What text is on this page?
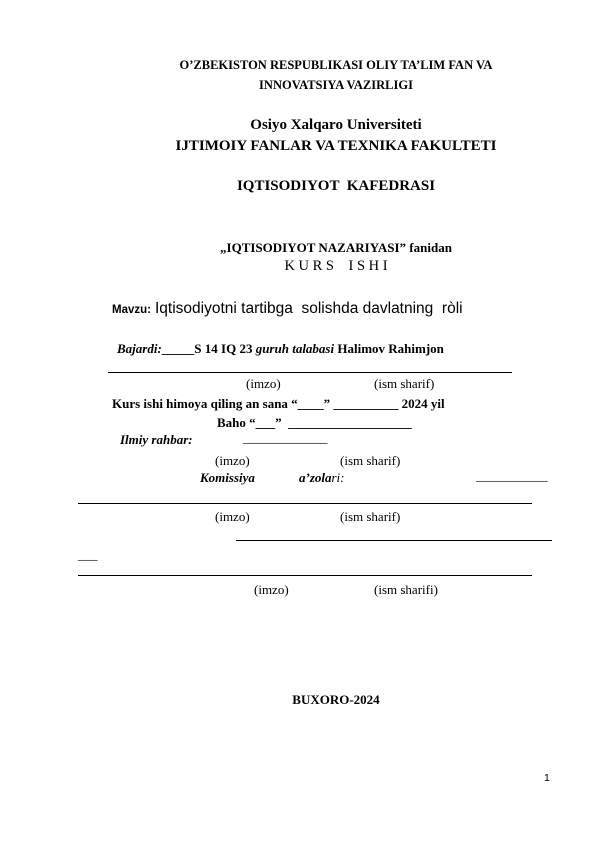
O’ZBEKISTON RESPUBLIKASI OLIY TA’LIM FAN VA
INNOVATSIYA VAZIRLIGI
Osiyo Xalqaro Universiteti
IJTIMOIY FANLAR VA TEXNIKA FAKULTETI
IQTISODIYOT  KAFEDRASI
„IQTISODIYOT NAZARIYASI” fanidan
K U R S    I S H I
Mavzu: Iqtisodiyotni tartibga  solishda davlatning  ròli
Bajardi:_____S 14 IQ 23 guruh talabasi Halimov Rahimjon
(imzo)	(ism sharif)
Kurs ishi himoya qiling an sana “____” __________ 2024 yil
Baho “___”  ___________________
Ilmiy rahbar:	_____________
(imzo)	(ism sharif)
Komissiya	a’zolari:	___________
(imzo)	(ism sharif)
___
(imzo)	(ism sharifi)
BUXORO-2024
1
